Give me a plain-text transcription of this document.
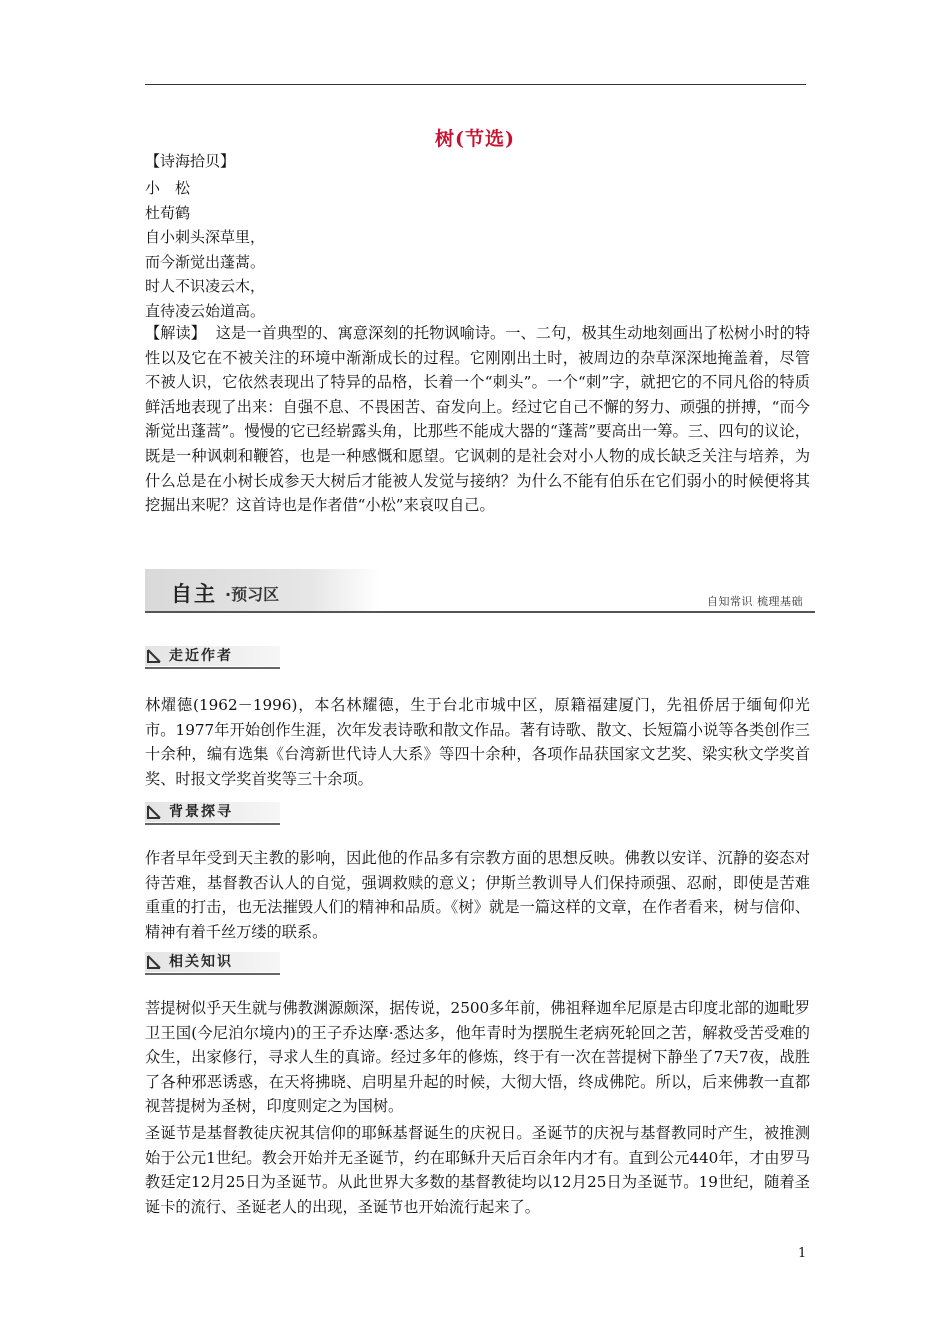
树(节选)
【诗海拾贝】
小　松
杜荀鹤
自小刺头深草里，
而今渐觉出蓬蒿。
时人不识凌云木，
直待凌云始道高。
【解读】 这是一首典型的、寓意深刻的托物讽喻诗。一、二句，极其生动地刻画出了松树小时的特性以及它在不被关注的环境中渐渐成长的过程。它刚刚出土时，被周边的杂草深深地掩盖着，尽管不被人识，它依然表现出了特异的品格，长着一个“刺头”。一个“刺”字，就把它的不同凡俗的特质鲜活地表现了出来：自强不息、不畏困苦、奋发向上。经过它自己不懈的努力、顽强的拼搏，“而今渐觉出蓬蒿”。慢慢的它已经崭露头角，比那些不能成大器的“蓬蒿”要高出一筹。三、四句的议论，既是一种讽刺和鞭笞，也是一种感慨和愿望。它讽刺的是社会对小人物的成长缺乏关注与培养，为什么总是在小树长成参天大树后才能被人发觉与接纳？为什么不能有伯乐在它们弱小的时候便将其挖掘出来呢？这首诗也是作者借“小松”来哀叹自己。
自主 ·预习区	自知常识 梳理基础
走近作者
林燿德(1962－1996)，本名林耀德，生于台北市城中区，原籍福建厦门，先祖侨居于缅甸仰光市。1977年开始创作生涯，次年发表诗歌和散文作品。著有诗歌、散文、长短篇小说等各类创作三十余种，编有选集《台湾新世代诗人大系》等四十余种，各项作品获国家文艺奖、梁实秋文学奖首奖、时报文学奖首奖等三十余项。
背景探寻
作者早年受到天主教的影响，因此他的作品多有宗教方面的思想反映。佛教以安详、沉静的姿态对待苦难，基督教否认人的自觉，强调救赎的意义；伊斯兰教训导人们保持顽强、忍耐，即使是苦难重重的打击，也无法摧毁人们的精神和品质。《树》就是一篇这样的文章，在作者看来，树与信仰、精神有着千丝万缕的联系。
相关知识
菩提树似乎天生就与佛教渊源颇深，据传说，2500多年前，佛祖释迦牟尼原是古印度北部的迦毗罗卫王国(今尼泊尔境内)的王子乔达摩·悉达多，他年青时为摆脱生老病死轮回之苦，解救受苦受难的众生，出家修行，寻求人生的真谛。经过多年的修炼，终于有一次在菩提树下静坐了7天7夜，战胜了各种邪恶诱惑，在天将拂晓、启明星升起的时候，大彻大悟，终成佛陀。所以，后来佛教一直都视菩提树为圣树，印度则定之为国树。
圣诞节是基督教徒庆祝其信仰的耶稣基督诞生的庆祝日。圣诞节的庆祝与基督教同时产生，被推测始于公元1世纪。教会开始并无圣诞节，约在耶稣升天后百余年内才有。直到公元440年，才由罗马教廷定12月25日为圣诞节。从此世界大多数的基督教徒均以12月25日为圣诞节。19世纪，随着圣诞卡的流行、圣诞老人的出现，圣诞节也开始流行起来了。
1
